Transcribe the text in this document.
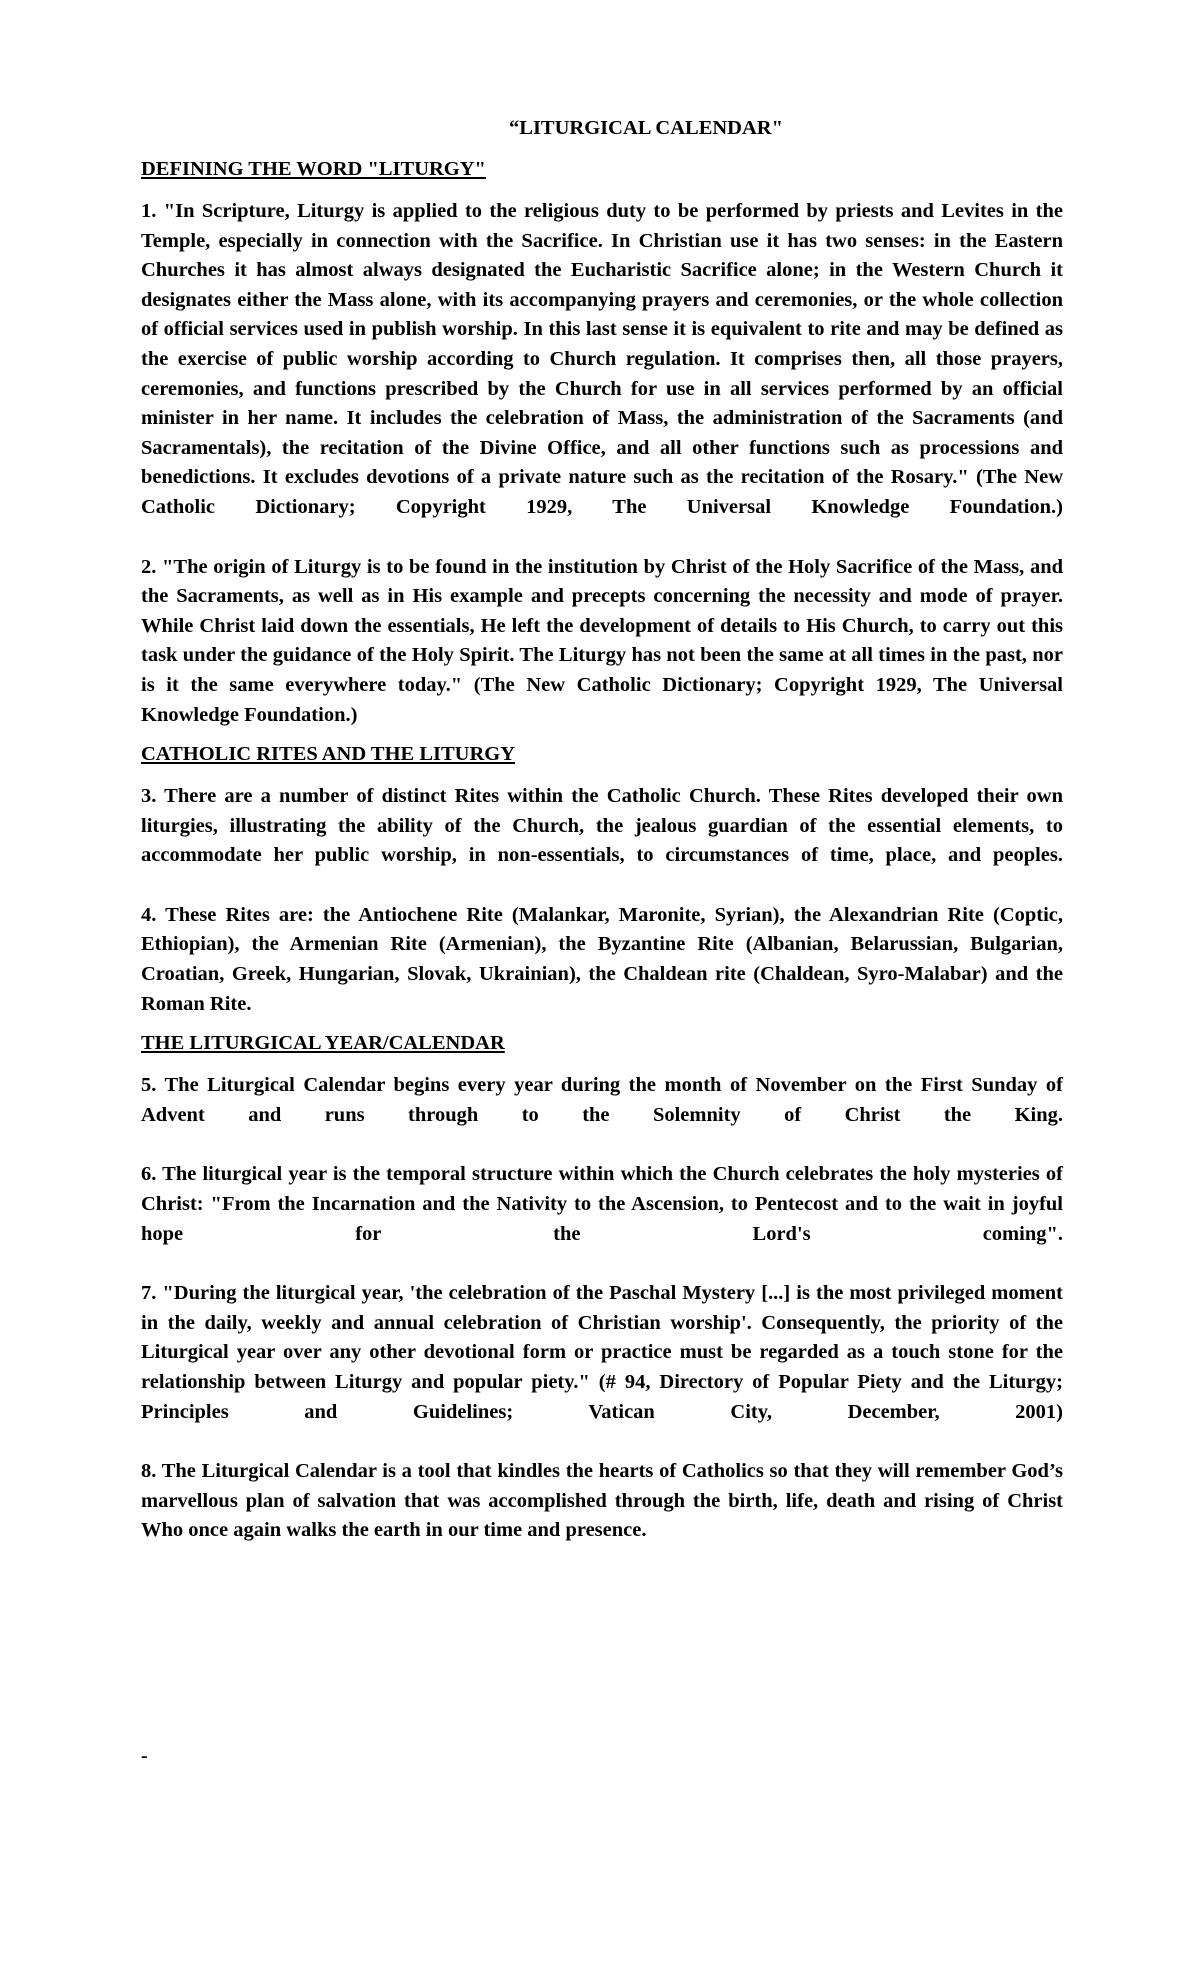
“LITURGICAL CALENDAR"
DEFINING THE WORD "LITURGY"

1. "In Scripture, Liturgy is applied to the religious duty to be performed by priests and Levites in the Temple, especially in connection with the Sacrifice. In Christian use it has two senses: in the Eastern Churches it has almost always designated the Eucharistic Sacrifice alone; in the Western Church it designates either the Mass alone, with its accompanying prayers and ceremonies, or the whole collection of official services used in publish worship. In this last sense it is equivalent to rite and may be defined as the exercise of public worship according to Church regulation. It comprises then, all those prayers, ceremonies, and functions prescribed by the Church for use in all services performed by an official minister in her name. It includes the celebration of Mass, the administration of the Sacraments (and Sacramentals), the recitation of the Divine Office, and all other functions such as processions and benedictions. It excludes devotions of a private nature such as the recitation of the Rosary." (The New Catholic Dictionary; Copyright 1929, The Universal Knowledge Foundation.)

2. "The origin of Liturgy is to be found in the institution by Christ of the Holy Sacrifice of the Mass, and the Sacraments, as well as in His example and precepts concerning the necessity and mode of prayer. While Christ laid down the essentials, He left the development of details to His Church, to carry out this task under the guidance of the Holy Spirit. The Liturgy has not been the same at all times in the past, nor is it the same everywhere today." (The New Catholic Dictionary; Copyright 1929, The Universal Knowledge Foundation.)

CATHOLIC RITES AND THE LITURGY

3. There are a number of distinct Rites within the Catholic Church. These Rites developed their own liturgies, illustrating the ability of the Church, the jealous guardian of the essential elements, to accommodate her public worship, in non-essentials, to circumstances of time, place, and peoples.

4. These Rites are: the Antiochene Rite (Malankar, Maronite, Syrian), the Alexandrian Rite (Coptic, Ethiopian), the Armenian Rite (Armenian), the Byzantine Rite (Albanian, Belarussian, Bulgarian, Croatian, Greek, Hungarian, Slovak, Ukrainian), the Chaldean rite (Chaldean, Syro-Malabar) and the Roman Rite.

THE LITURGICAL YEAR/CALENDAR

5. The Liturgical Calendar begins every year during the month of November on the First Sunday of Advent and runs through to the Solemnity of Christ the King.

6. The liturgical year is the temporal structure within which the Church celebrates the holy mysteries of Christ: "From the Incarnation and the Nativity to the Ascension, to Pentecost and to the wait in joyful hope for the Lord's coming".

7. "During the liturgical year, 'the celebration of the Paschal Mystery [...] is the most privileged moment in the daily, weekly and annual celebration of Christian worship'. Consequently, the priority of the Liturgical year over any other devotional form or practice must be regarded as a touch stone for the relationship between Liturgy and popular piety." (# 94, Directory of Popular Piety and the Liturgy; Principles and Guidelines; Vatican City, December, 2001)

8. The Liturgical Calendar is a tool that kindles the hearts of Catholics so that they will remember God’s marvellous plan of salvation that was accomplished through the birth, life, death and rising of Christ Who once again walks the earth in our time and presence.

-
